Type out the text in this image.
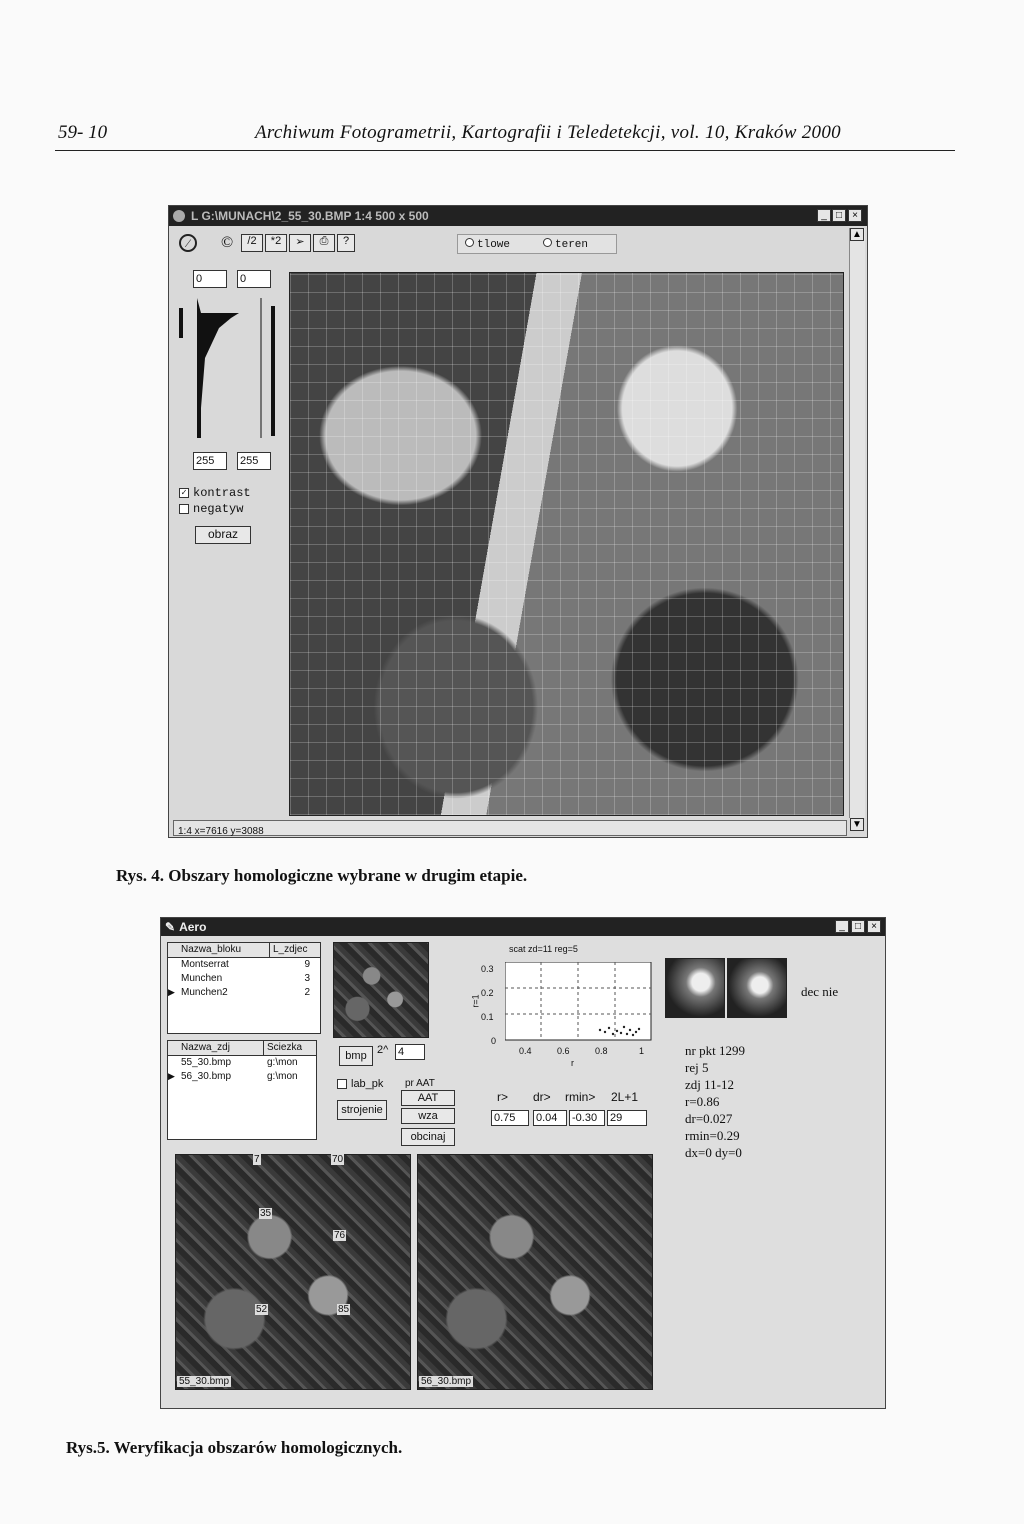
59- 10	Archiwum Fotogrametrii, Kartografii i Teledetekcji, vol. 10, Kraków 2000
L G:\MUNACH\2_55_30.BMP 1:4 500 x 500	_ □	×
⁄	©	/2	*2	➢	⎙	?	tlowe	teren
▲
▼
0	0
255	255
✓ kontrast
negatyw
obraz
1:4 x=7616 y=3088
Rys. 4. Obszary homologiczne wybrane w drugim etapie.
✎ Aero	_	□	×
Nazwa_bloku	L_zdjec
Montserrat	9
Munchen	3
Munchen2	2
▶
Nazwa_zdj	Sciezka
55_30.bmp	g:\mon
56_30.bmp	g:\mon
▶
bmp 2^ 4
lab_pk
strojenie
pr AAT
AAT
wza
obcinaj
scat zd=11 reg=5
r=1
0.3
0.2
0.1
0
0.4	0.6	0.8	1
r
r> dr> rmin> 2L+1
0.75	0.04	-0.30	29
dec nie
nr pkt 1299
rej 5
zdj 11-12
r=0.86
dr=0.027
rmin=0.29
dx=0 dy=0
7	70
35
76
52	85
55_30.bmp	56_30.bmp
Rys.5. Weryfikacja obszarów homologicznych.
